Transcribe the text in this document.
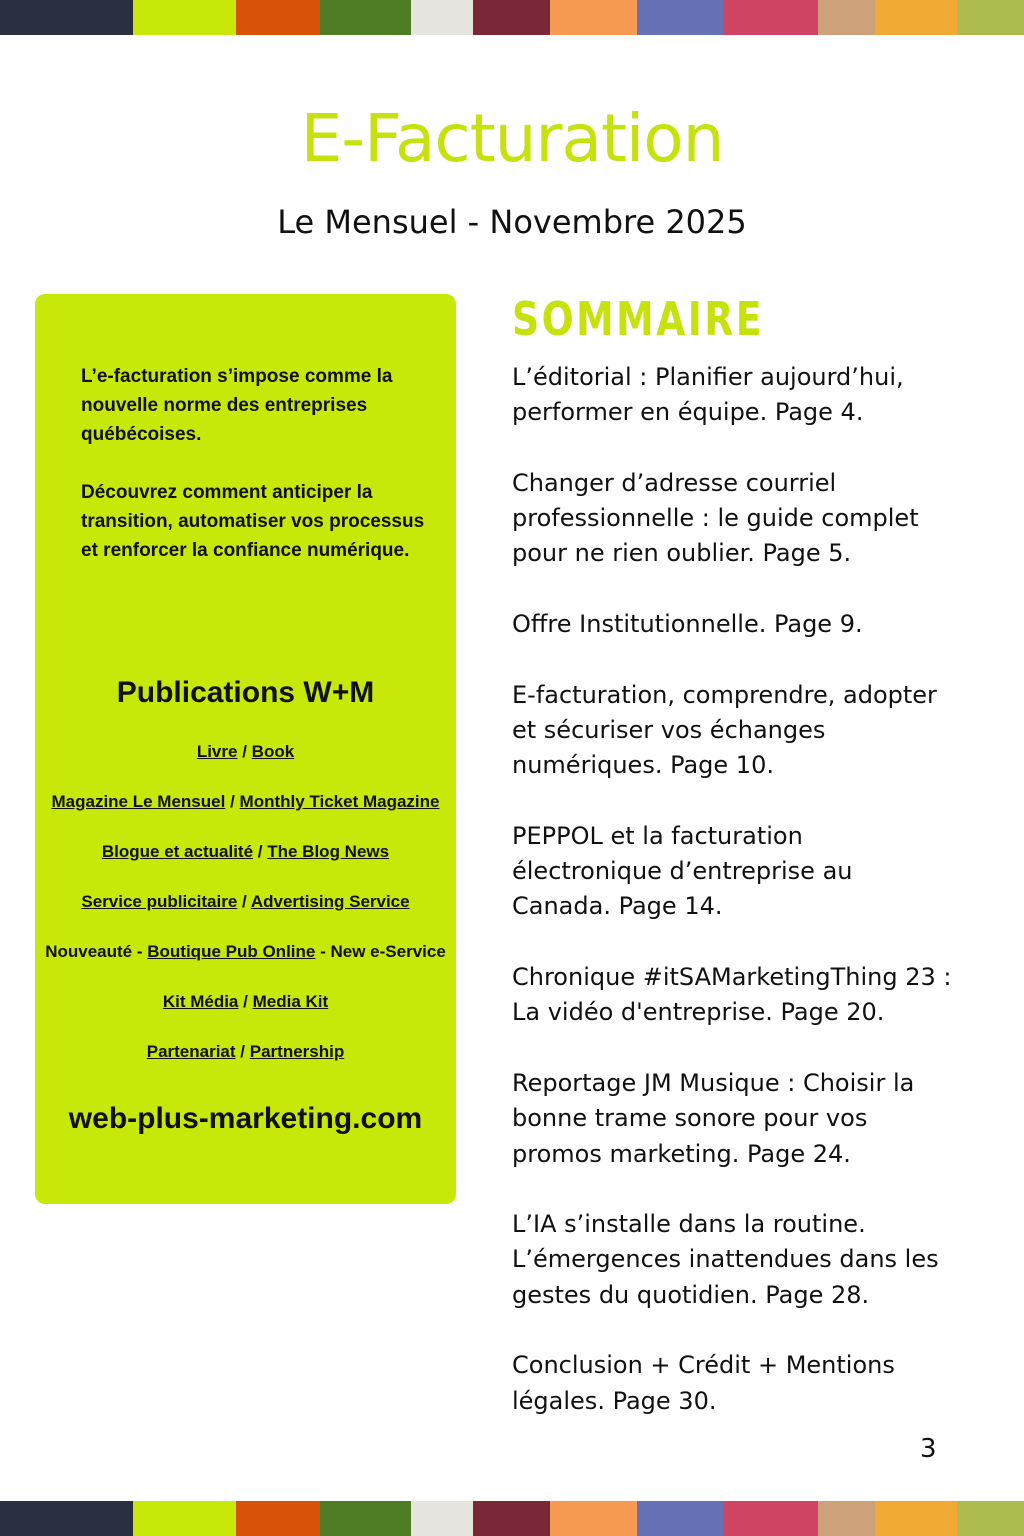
E-Facturation

Le Mensuel - Novembre 2025

L’e-facturation s’impose comme la nouvelle norme des entreprises québécoises.

Découvrez comment anticiper la transition, automatiser vos processus et renforcer la confiance numérique.

Publications W+M
Livre / Book
Magazine Le Mensuel / Monthly Ticket Magazine
Blogue et actualité / The Blog News
Service publicitaire / Advertising Service
Nouveauté - Boutique Pub Online - New e-Service
Kit Média / Media Kit
Partenariat / Partnership

web-plus-marketing.com

SOMMAIRE
L’éditorial : Planifier aujourd’hui, performer en équipe. Page 4.
Changer d’adresse courriel professionnelle : le guide complet pour ne rien oublier. Page 5.
Offre Institutionnelle. Page 9.
E-facturation, comprendre, adopter et sécuriser vos échanges numériques. Page 10.
PEPPOL et la facturation électronique d’entreprise au Canada. Page 14.
Chronique #itSAMarketingThing 23 : La vidéo d'entreprise. Page 20.
Reportage JM Musique : Choisir la bonne trame sonore pour vos promos marketing. Page 24.
L’IA s’installe dans la routine. L’émergences inattendues dans les gestes du quotidien. Page 28.
Conclusion + Crédit + Mentions légales. Page 30.
3
